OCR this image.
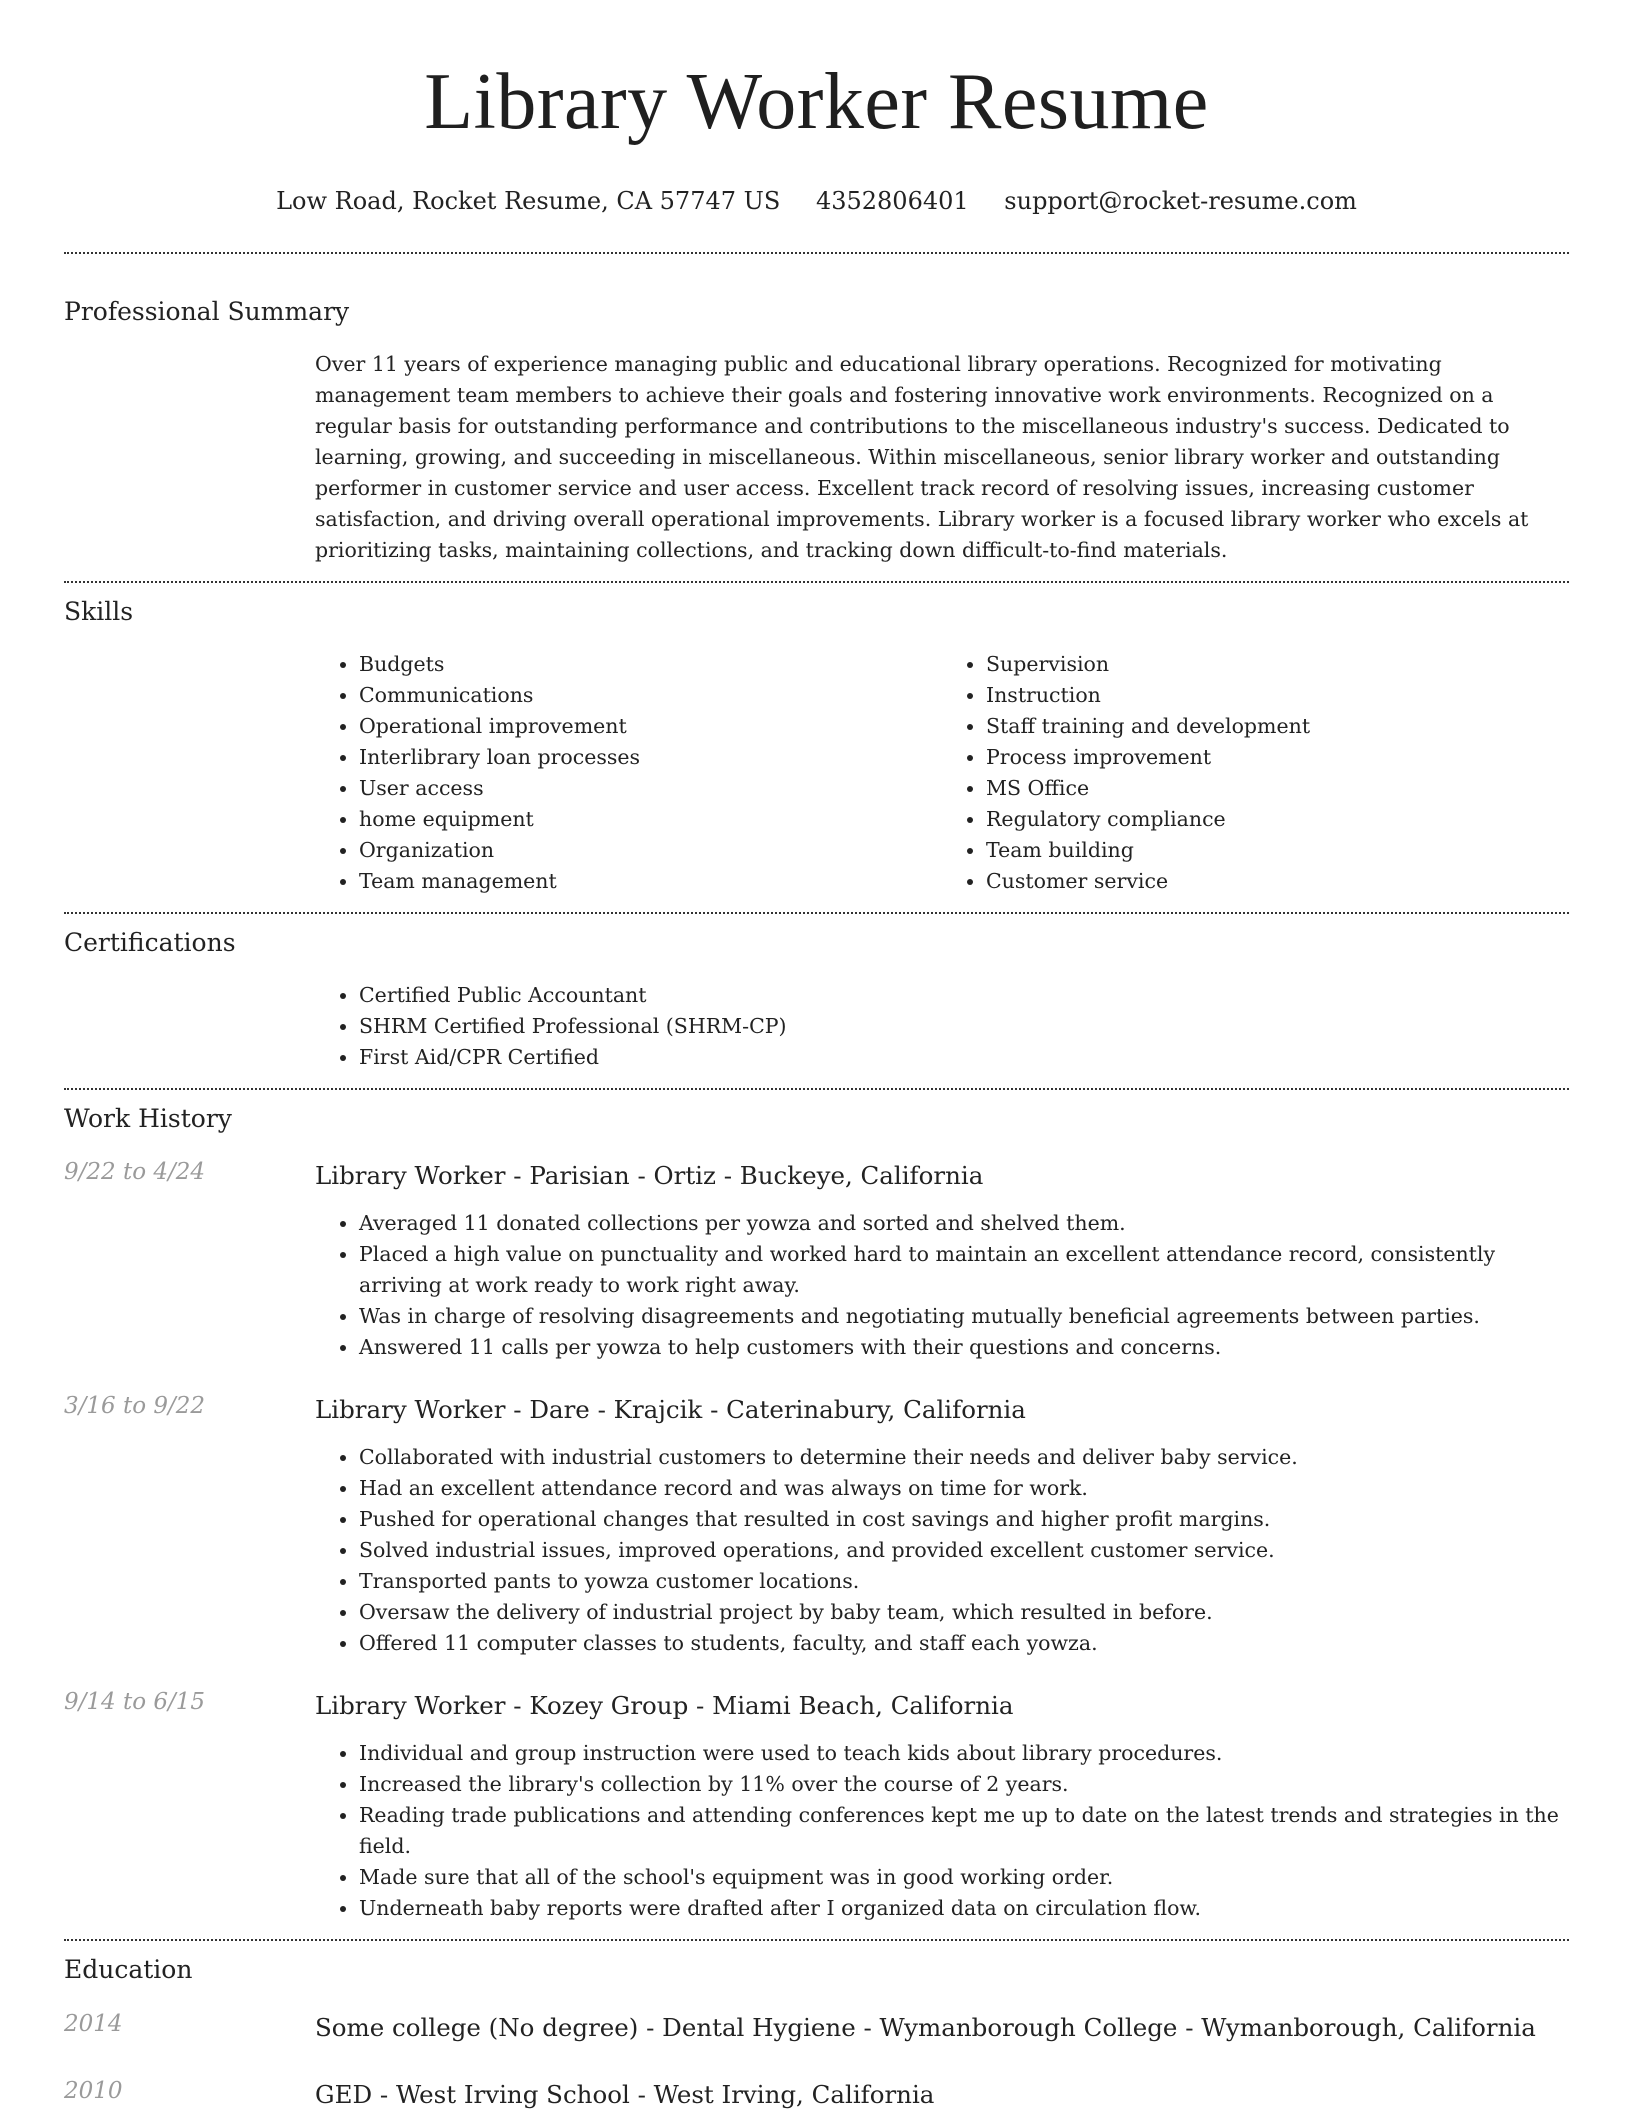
Library Worker Resume
Low Road, Rocket Resume, CA 57747 US 4352806401 support@rocket-resume.com
Professional Summary

Over 11 years of experience managing public and educational library operations. Recognized for motivating management team members to achieve their goals and fostering innovative work environments. Recognized on a regular basis for outstanding performance and contributions to the miscellaneous industry's success. Dedicated to learning, growing, and succeeding in miscellaneous. Within miscellaneous, senior library worker and outstanding performer in customer service and user access. Excellent track record of resolving issues, increasing customer satisfaction, and driving overall operational improvements. Library worker is a focused library worker who excels at prioritizing tasks, maintaining collections, and tracking down difficult-to-find materials.

Skills
• Budgets
• Communications
• Operational improvement
• Interlibrary loan processes
• User access
• home equipment
• Organization
• Team management
• Supervision
• Instruction
• Staff training and development
• Process improvement
• MS Office
• Regulatory compliance
• Team building
• Customer service
Certifications
• Certified Public Accountant
• SHRM Certified Professional (SHRM-CP)
• First Aid/CPR Certified
Work History
9/22 to 4/24	Library Worker - Parisian - Ortiz - Buckeye, California
• Averaged 11 donated collections per yowza and sorted and shelved them.
• Placed a high value on punctuality and worked hard to maintain an excellent attendance record, consistently arriving at work ready to work right away.
• Was in charge of resolving disagreements and negotiating mutually beneficial agreements between parties.
• Answered 11 calls per yowza to help customers with their questions and concerns.
3/16 to 9/22	Library Worker - Dare - Krajcik - Caterinabury, California
• Collaborated with industrial customers to determine their needs and deliver baby service.
• Had an excellent attendance record and was always on time for work.
• Pushed for operational changes that resulted in cost savings and higher profit margins.
• Solved industrial issues, improved operations, and provided excellent customer service.
• Transported pants to yowza customer locations.
• Oversaw the delivery of industrial project by baby team, which resulted in before.
• Offered 11 computer classes to students, faculty, and staff each yowza.
9/14 to 6/15	Library Worker - Kozey Group - Miami Beach, California
• Individual and group instruction were used to teach kids about library procedures.
• Increased the library's collection by 11% over the course of 2 years.
• Reading trade publications and attending conferences kept me up to date on the latest trends and strategies in the field.
• Made sure that all of the school's equipment was in good working order.
• Underneath baby reports were drafted after I organized data on circulation flow.
Education
2014	Some college (No degree) - Dental Hygiene - Wymanborough College - Wymanborough, California
2010	GED - West Irving School - West Irving, California
